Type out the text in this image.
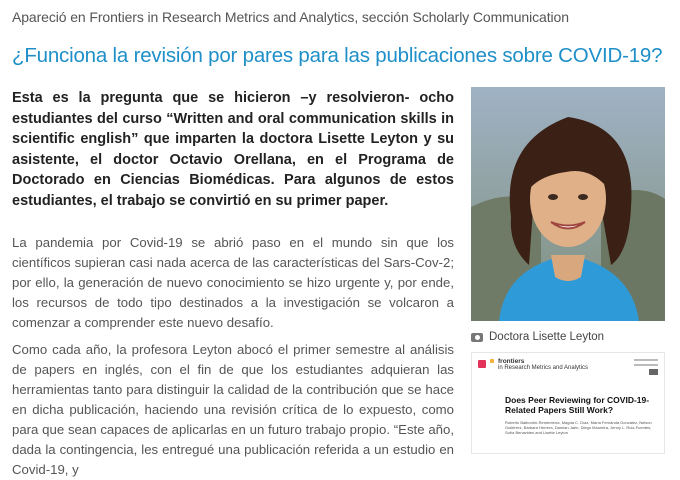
Apareció en Frontiers in Research Metrics and Analytics, sección Scholarly Communication
¿Funciona la revisión por pares para las publicaciones sobre COVID-19?

Esta es la pregunta que se hicieron –y resolvieron- ocho estudiantes del curso “Written and oral communication skills in scientific english” que imparten la doctora Lisette Leyton y su asistente, el doctor Octavio Orellana, en el Programa de Doctorado en Ciencias Biomédicas. Para algunos de estos estudiantes, el trabajo se convirtió en su primer paper.

La pandemia por Covid-19 se abrió paso en el mundo sin que los científicos supieran casi nada acerca de las características del Sars-Cov-2; por ello, la generación de nuevo conocimiento se hizo urgente y, por ende, los recursos de todo tipo destinados a la investigación se volcaron a comenzar a comprender este nuevo desafío.

Como cada año, la profesora Leyton abocó el primer semestre al análisis de papers en inglés, con el fin de que los estudiantes adquieran las herramientas tanto para distinguir la calidad de la contribución que se hace en dicha publicación, haciendo una revisión crítica de lo expuesto, como para que sean capaces de aplicarlas en un futuro trabajo propio. “Este año, dada la contingencia, les entregué una publicación referida a un estudio en Covid-19, y

Doctora Lisette Leyton
frontiers
in Research Metrics and Analytics
Does Peer Reviewing for COVID-19-Related Papers Still Work?
Roberto Balbontín-Rementería, Magda C. Díaz, María Fernanda González, Nelson Gutiérrez, Bárbara Herrera, Damian Jaén, Diego Maureira, Jenny L. Ruiz-Fuentes, Sofía Benavides and Lisette Leyton
